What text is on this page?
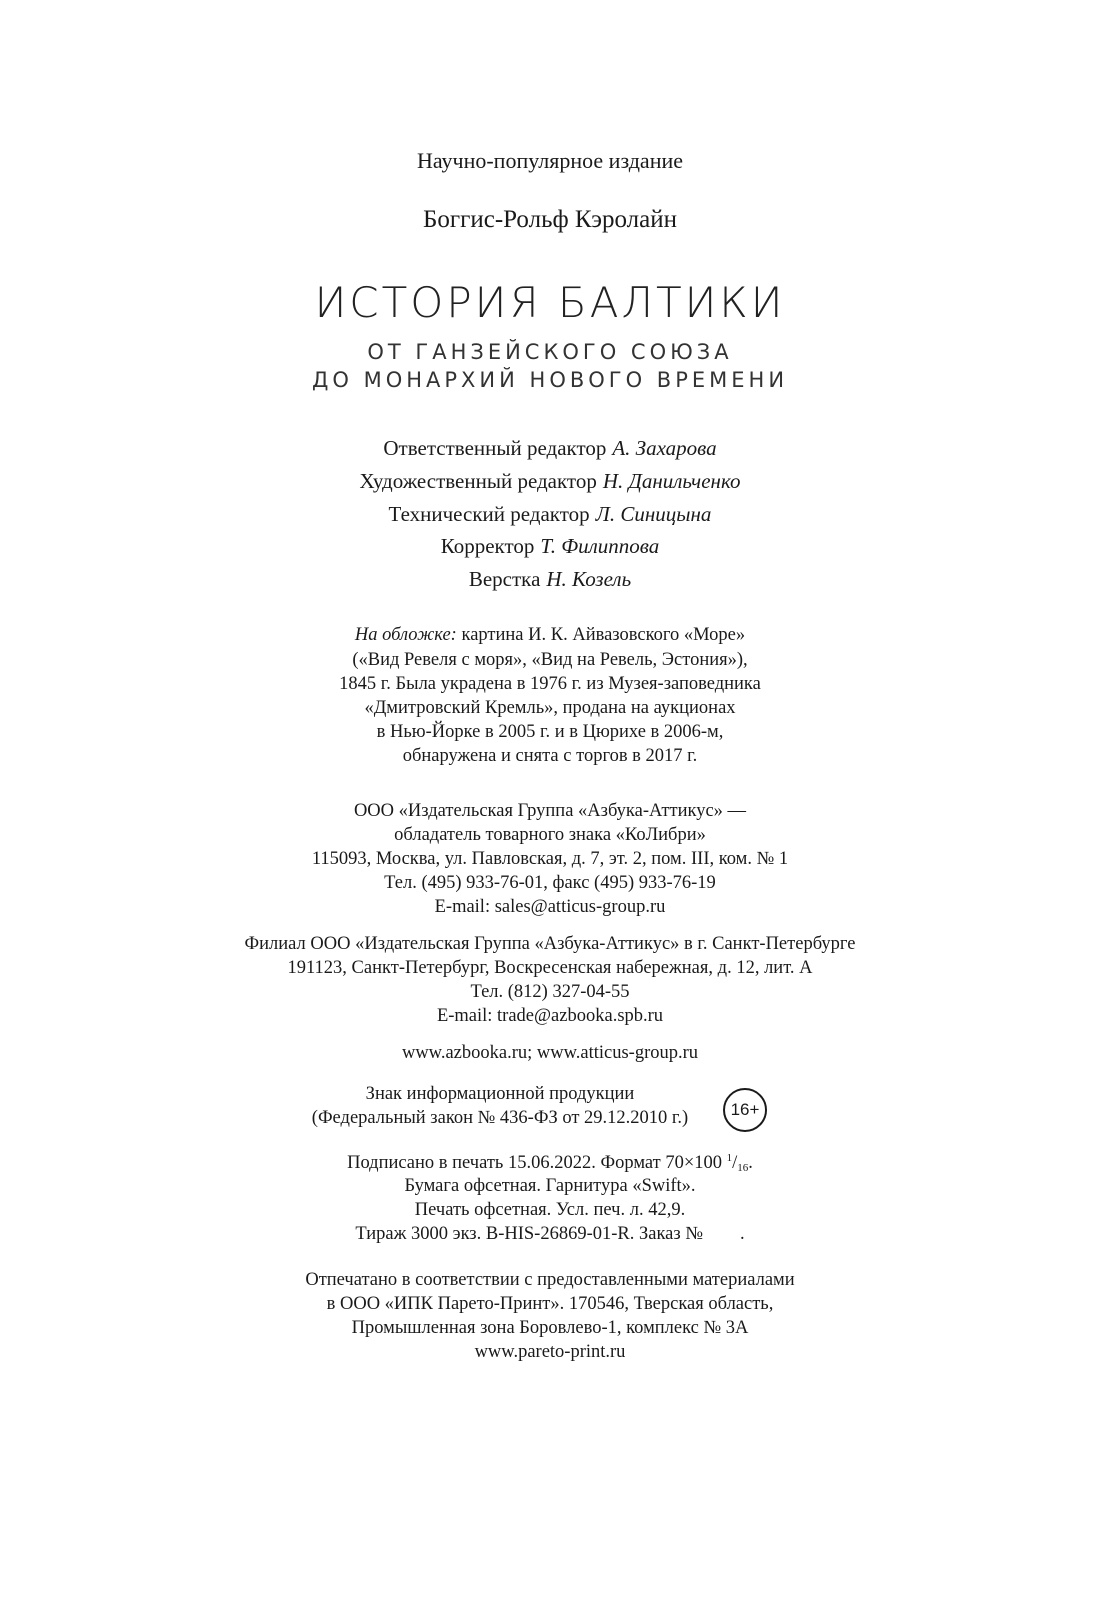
Научно-популярное издание
Боггис-Рольф Кэролайн
ИСТОРИЯ БАЛТИКИ
ОТ ГАНЗЕЙСКОГО СОЮЗА
ДО МОНАРХИЙ НОВОГО ВРЕМЕНИ
Ответственный редактор А. Захарова
Художественный редактор Н. Данильченко
Технический редактор Л. Синицына
Корректор Т. Филиппова
Верстка Н. Козель
На обложке: картина И. К. Айвазовского «Море»
(«Вид Ревеля с моря», «Вид на Ревель, Эстония»),
1845 г. Была украдена в 1976 г. из Музея-заповедника
«Дмитровский Кремль», продана на аукционах
в Нью-Йорке в 2005 г. и в Цюрихе в 2006-м,
обнаружена и снята с торгов в 2017 г.
ООО «Издательская Группа «Азбука-Аттикус» —
обладатель товарного знака «КоЛибри»
115093, Москва, ул. Павловская, д. 7, эт. 2, пом. III, ком. № 1
Тел. (495) 933-76-01, факс (495) 933-76-19
E-mail: sales@atticus-group.ru
Филиал ООО «Издательская Группа «Азбука-Аттикус» в г. Санкт-Петербурге
191123, Санкт-Петербург, Воскресенская набережная, д. 12, лит. А
Тел. (812) 327-04-55
E-mail: trade@azbooka.spb.ru
www.azbooka.ru; www.atticus-group.ru
Знак информационной продукции
(Федеральный закон № 436-ФЗ от 29.12.2010 г.)	16+
Подписано в печать 15.06.2022. Формат 70×100 $^1$/16.
Бумага офсетная. Гарнитура «Swift».
Печать офсетная. Усл. печ. л. 42,9.
Тираж 3000 экз. B-HIS-26869-01-R. Заказ №        .
Отпечатано в соответствии с предоставленными материалами
в ООО «ИПК Парето-Принт». 170546, Тверская область,
Промышленная зона Боровлево-1, комплекс № 3А
www.pareto-print.ru
